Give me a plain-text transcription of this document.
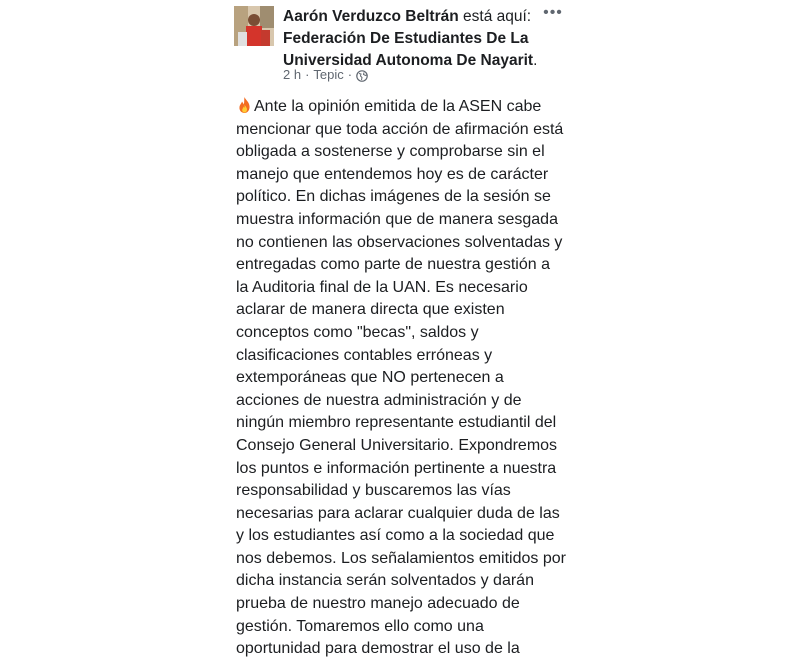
Aarón Verduzco Beltrán está aquí: Federación De Estudiantes De La Universidad Autonoma De Nayarit.
•••
2 h · Tepic ·

Ante la opinión emitida de la ASEN cabe mencionar que toda acción de afirmación está obligada a sostenerse y comprobarse sin el manejo que entendemos hoy es de carácter político. En dichas imágenes de la sesión se muestra información que de manera sesgada no contienen las observaciones solventadas y entregadas como parte de nuestra gestión a la Auditoria final de la UAN. Es necesario aclarar de manera directa que existen conceptos como "becas", saldos y clasificaciones contables erróneas y extemporáneas que NO pertenecen a acciones de nuestra administración y de ningún miembro representante estudiantil del Consejo General Universitario. Expondremos los puntos e información pertinente a nuestra responsabilidad y buscaremos las vías necesarias para aclarar cualquier duda de las y los estudiantes así como a la sociedad que nos debemos. Los señalamientos emitidos por dicha instancia serán solventados y darán prueba de nuestro manejo adecuado de gestión. Tomaremos ello como una oportunidad para demostrar el uso de la
